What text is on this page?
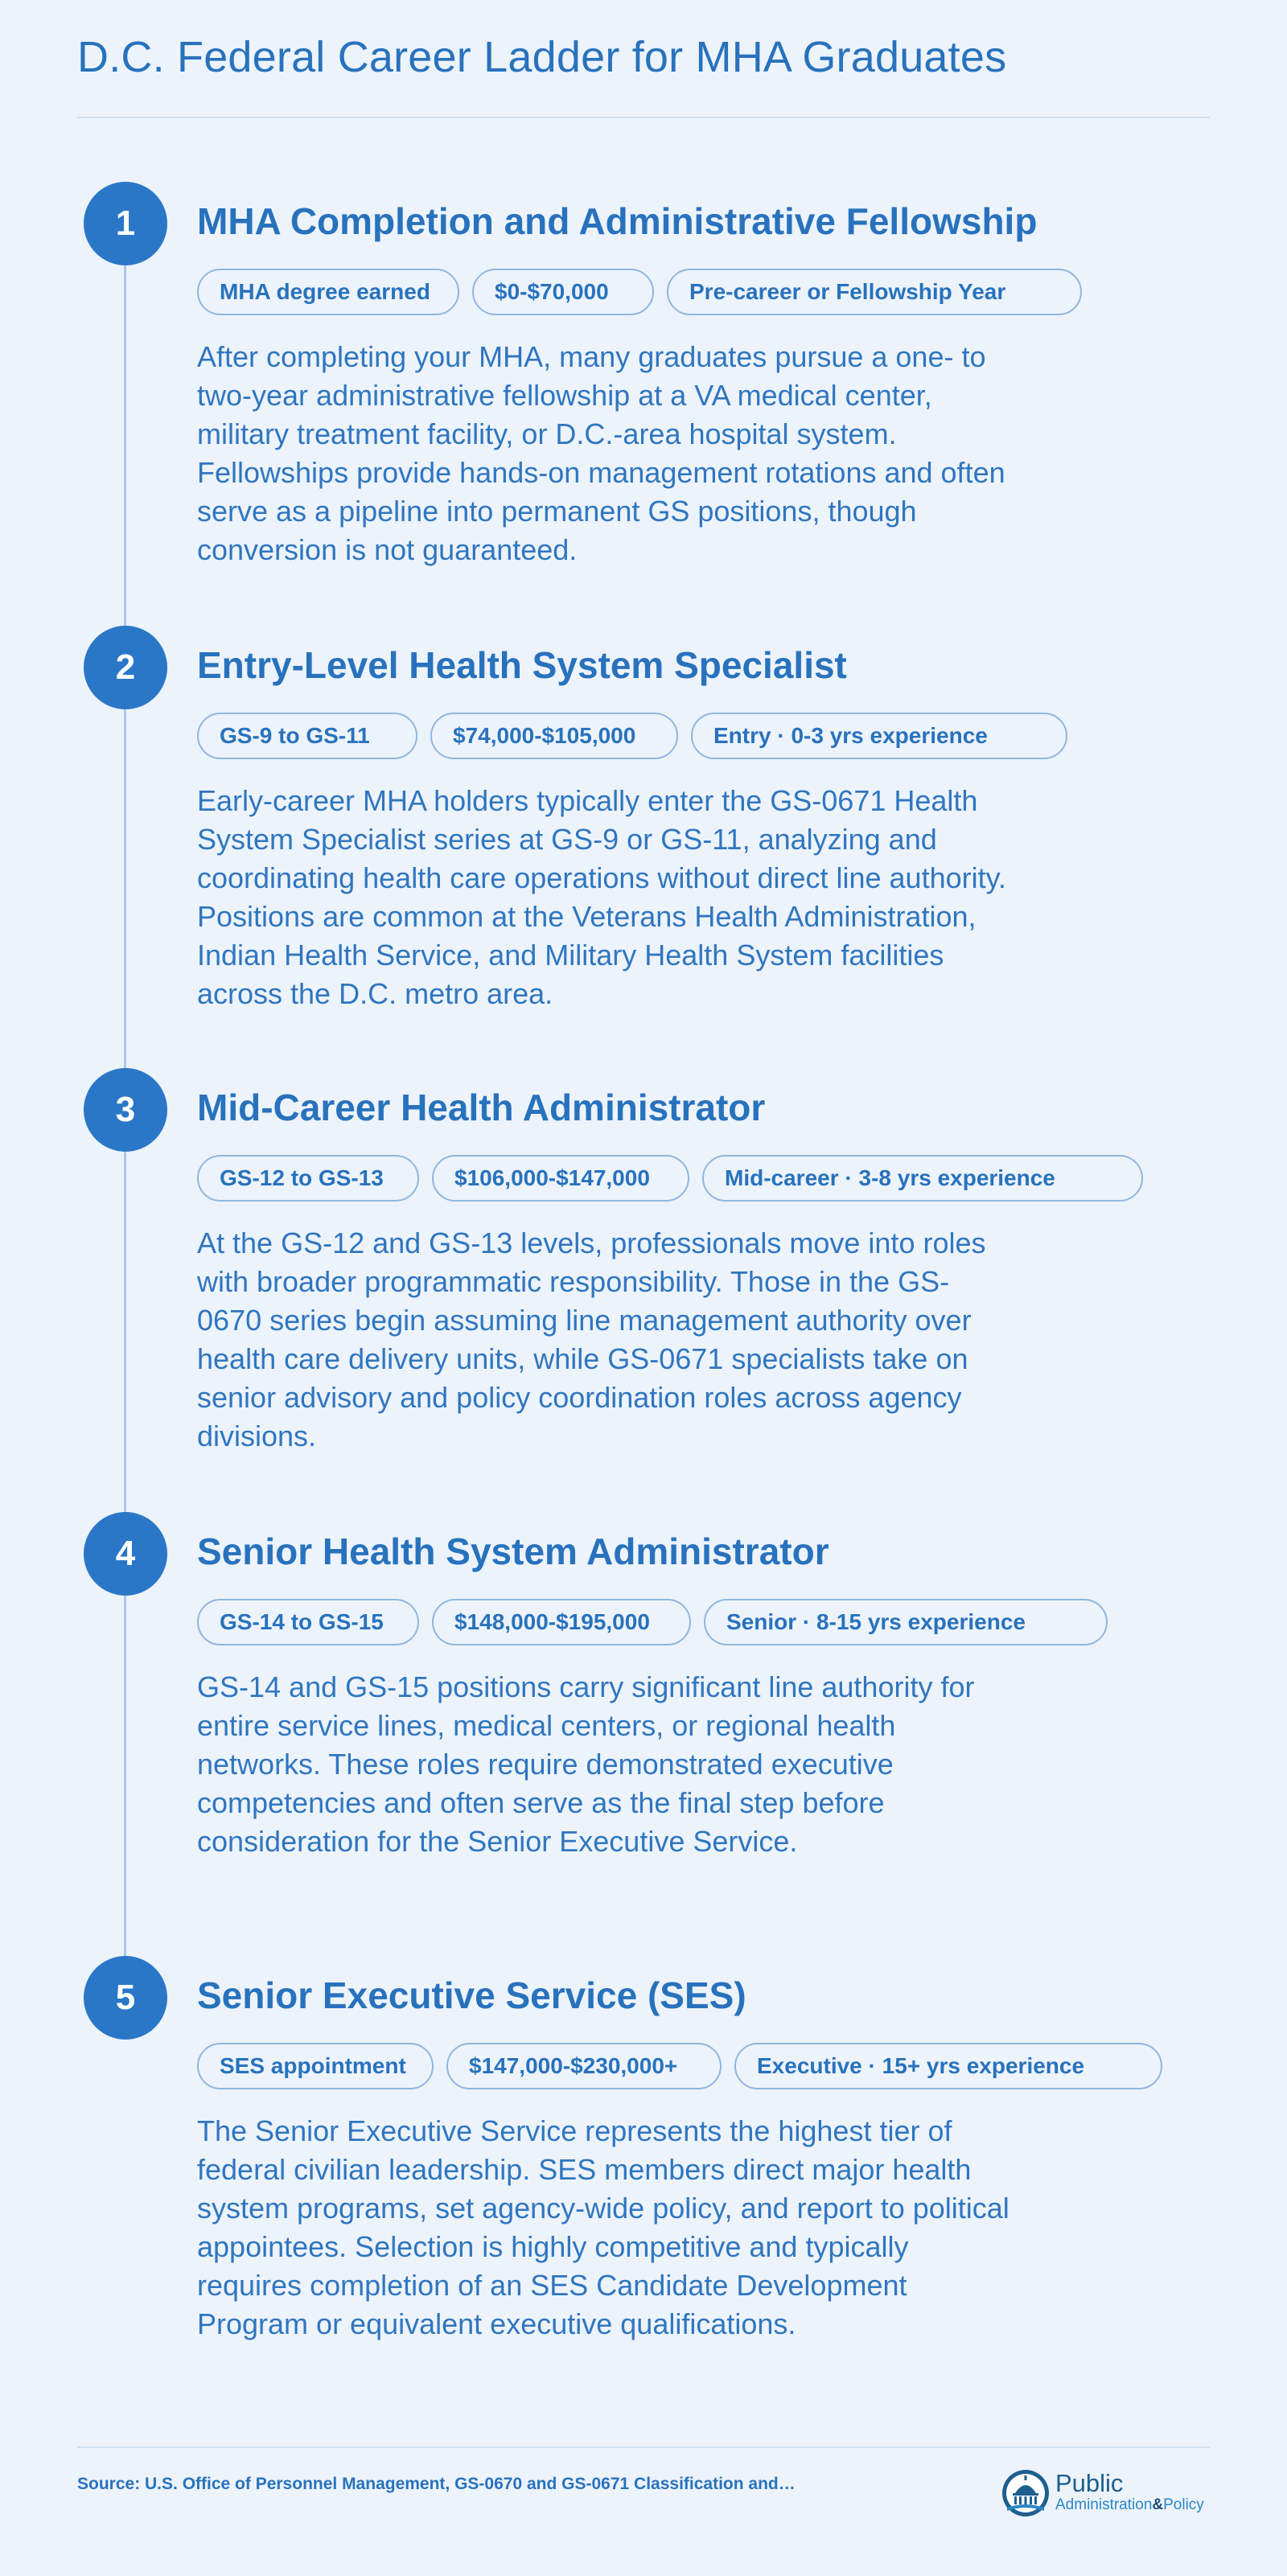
D.C. Federal Career Ladder for MHA Graduates
1	MHA Completion and Administrative Fellowship
MHA degree earned	$0-$70,000	Pre-career or Fellowship Year

After completing your MHA, many graduates pursue a one- to two-year administrative fellowship at a VA medical center, military treatment facility, or D.C.-area hospital system. Fellowships provide hands-on management rotations and often serve as a pipeline into permanent GS positions, though conversion is not guaranteed.

2	Entry-Level Health System Specialist
GS-9 to GS-11	$74,000-$105,000	Entry · 0-3 yrs experience

Early-career MHA holders typically enter the GS-0671 Health System Specialist series at GS-9 or GS-11, analyzing and coordinating health care operations without direct line authority. Positions are common at the Veterans Health Administration, Indian Health Service, and Military Health System facilities across the D.C. metro area.

3	Mid-Career Health Administrator
GS-12 to GS-13	$106,000-$147,000	Mid-career · 3-8 yrs experience

At the GS-12 and GS-13 levels, professionals move into roles with broader programmatic responsibility. Those in the GS-0670 series begin assuming line management authority over health care delivery units, while GS-0671 specialists take on senior advisory and policy coordination roles across agency divisions.

4	Senior Health System Administrator
GS-14 to GS-15	$148,000-$195,000	Senior · 8-15 yrs experience

GS-14 and GS-15 positions carry significant line authority for entire service lines, medical centers, or regional health networks. These roles require demonstrated executive competencies and often serve as the final step before consideration for the Senior Executive Service.

5	Senior Executive Service (SES)
SES appointment	$147,000-$230,000+	Executive · 15+ yrs experience

The Senior Executive Service represents the highest tier of federal civilian leadership. SES members direct major health system programs, set agency-wide policy, and report to political appointees. Selection is highly competitive and typically requires completion of an SES Candidate Development Program or equivalent executive qualifications.

Source: U.S. Office of Personnel Management, GS-0670 and GS-0671 Classification and…	Public
Administration&Policy
